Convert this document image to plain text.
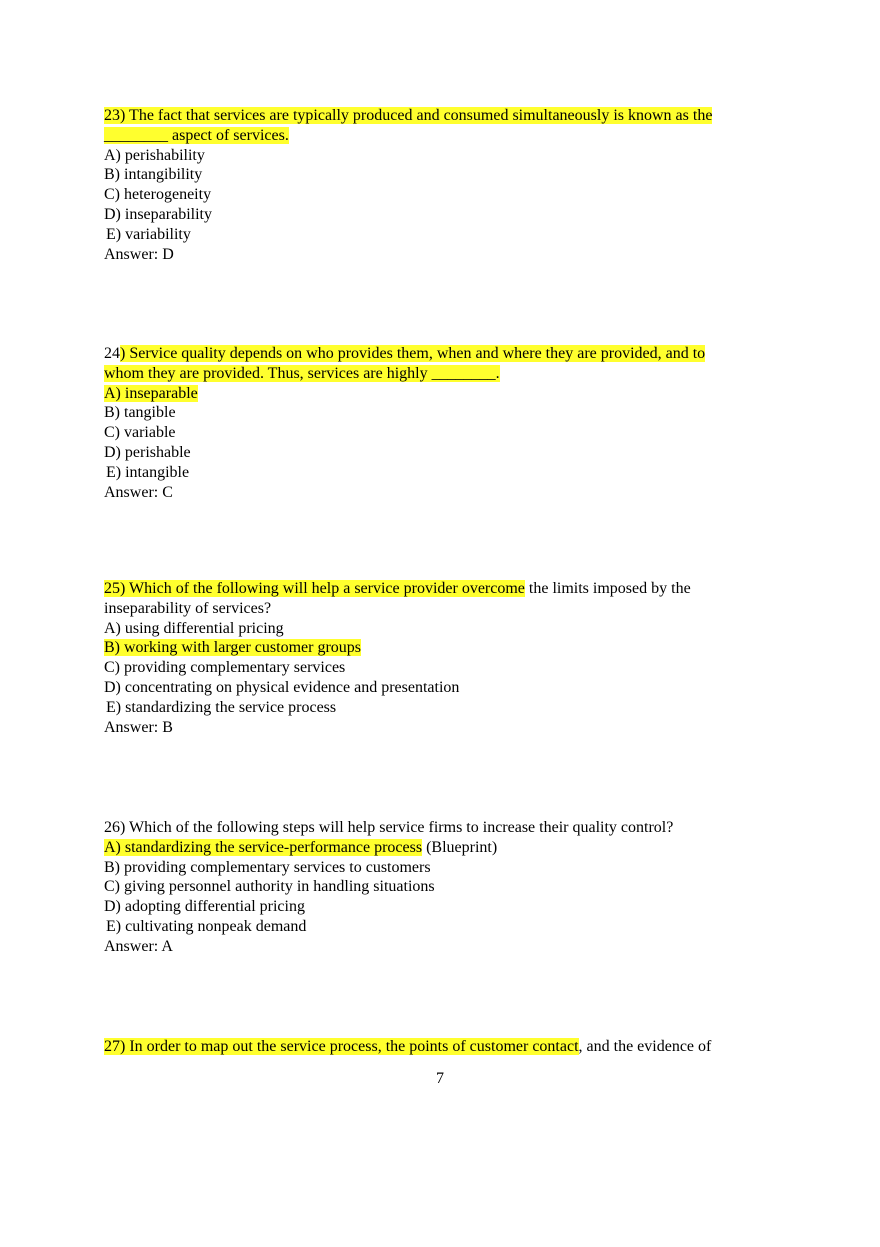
23) The fact that services are typically produced and consumed simultaneously is known as the
________ aspect of services.
A) perishability
B) intangibility
C) heterogeneity
D) inseparability
E) variability
Answer: D
24) Service quality depends on who provides them, when and where they are provided, and to
whom they are provided. Thus, services are highly ________.
A) inseparable
B) tangible
C) variable
D) perishable
E) intangible
Answer: C
25) Which of the following will help a service provider overcome the limits imposed by the
inseparability of services?
A) using differential pricing
B) working with larger customer groups
C) providing complementary services
D) concentrating on physical evidence and presentation
E) standardizing the service process
Answer: B
26) Which of the following steps will help service firms to increase their quality control?
A) standardizing the service-performance process (Blueprint)
B) providing complementary services to customers
C) giving personnel authority in handling situations
D) adopting differential pricing
E) cultivating nonpeak demand
Answer: A
27) In order to map out the service process, the points of customer contact, and the evidence of
7
